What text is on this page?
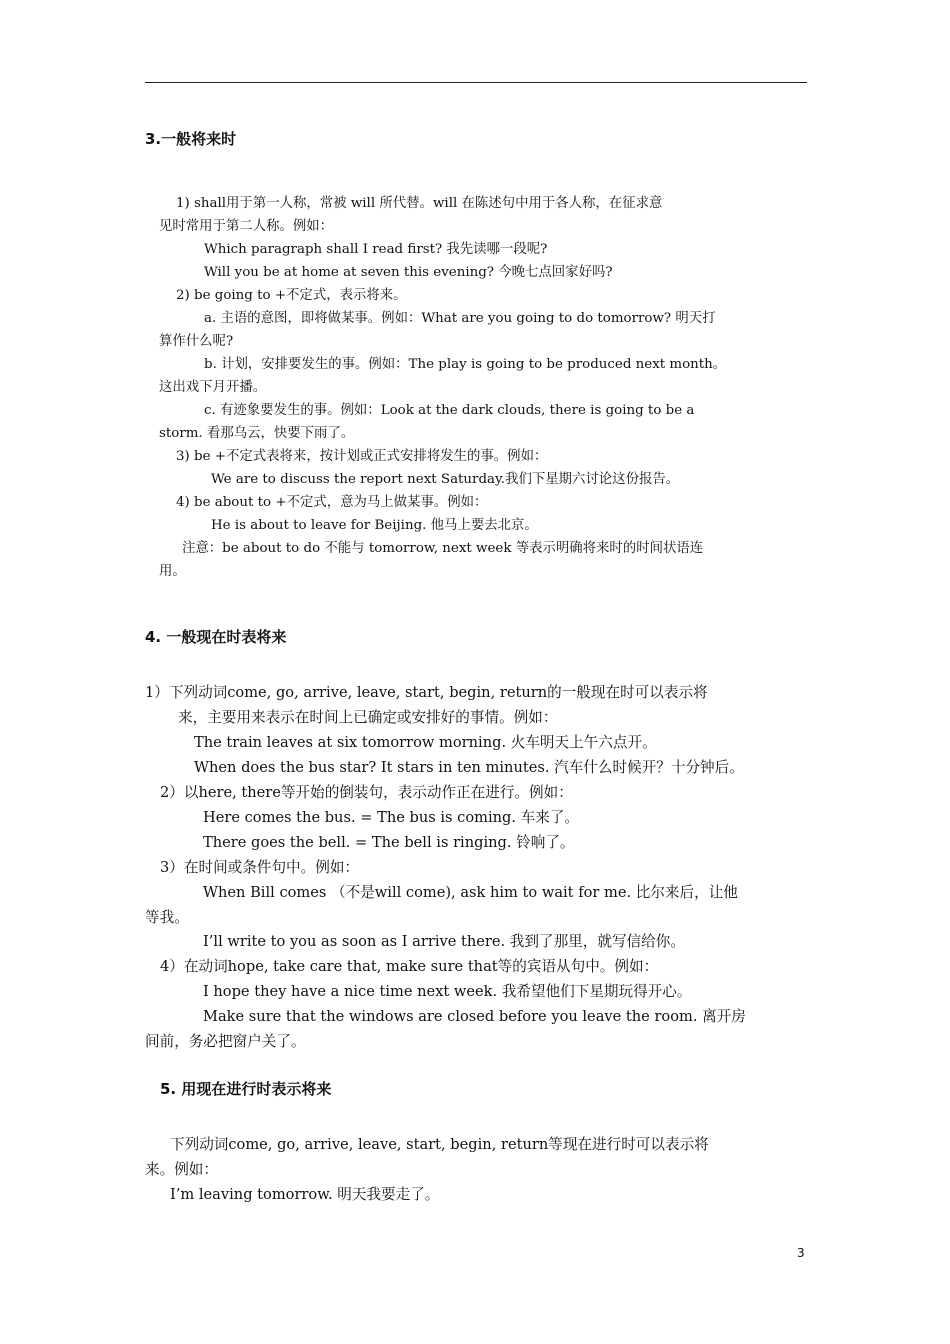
3.一般将来时
1) shall用于第一人称，常被 will 所代替。will 在陈述句中用于各人称，在征求意
见时常用于第二人称。例如：
Which paragraph shall I read first? 我先读哪一段呢?
Will you be at home at seven this evening? 今晚七点回家好吗?
2) be going to +不定式，表示将来。
a. 主语的意图，即将做某事。例如：What are you going to do tomorrow? 明天打
算作什么呢?
b. 计划，安排要发生的事。例如：The play is going to be produced next month。
这出戏下月开播。
c. 有迹象要发生的事。例如：Look at the dark clouds, there is going to be a
storm. 看那乌云，快要下雨了。
3) be +不定式表将来，按计划或正式安排将发生的事。例如：
We are to discuss the report next Saturday.我们下星期六讨论这份报告。
4) be about to +不定式，意为马上做某事。例如：
He is about to leave for Beijing. 他马上要去北京。
注意：be about to do 不能与 tomorrow, next week 等表示明确将来时的时间状语连
用。
4. 一般现在时表将来
1）下列动词come, go, arrive, leave, start, begin, return的一般现在时可以表示将
来，主要用来表示在时间上已确定或安排好的事情。例如：
The train leaves at six tomorrow morning. 火车明天上午六点开。
When does the bus star? It stars in ten minutes. 汽车什么时候开？十分钟后。
2）以here, there等开始的倒装句，表示动作正在进行。例如：
Here comes the bus. = The bus is coming. 车来了。
There goes the bell. = The bell is ringing. 铃响了。
3）在时间或条件句中。例如：
When Bill comes （不是will come), ask him to wait for me. 比尔来后，让他
等我。
I’ll write to you as soon as I arrive there. 我到了那里，就写信给你。
4）在动词hope, take care that, make sure that等的宾语从句中。例如：
I hope they have a nice time next week. 我希望他们下星期玩得开心。
Make sure that the windows are closed before you leave the room. 离开房
间前，务必把窗户关了。
5. 用现在进行时表示将来
下列动词come, go, arrive, leave, start, begin, return等现在进行时可以表示将
来。例如：
I’m leaving tomorrow. 明天我要走了。
3
